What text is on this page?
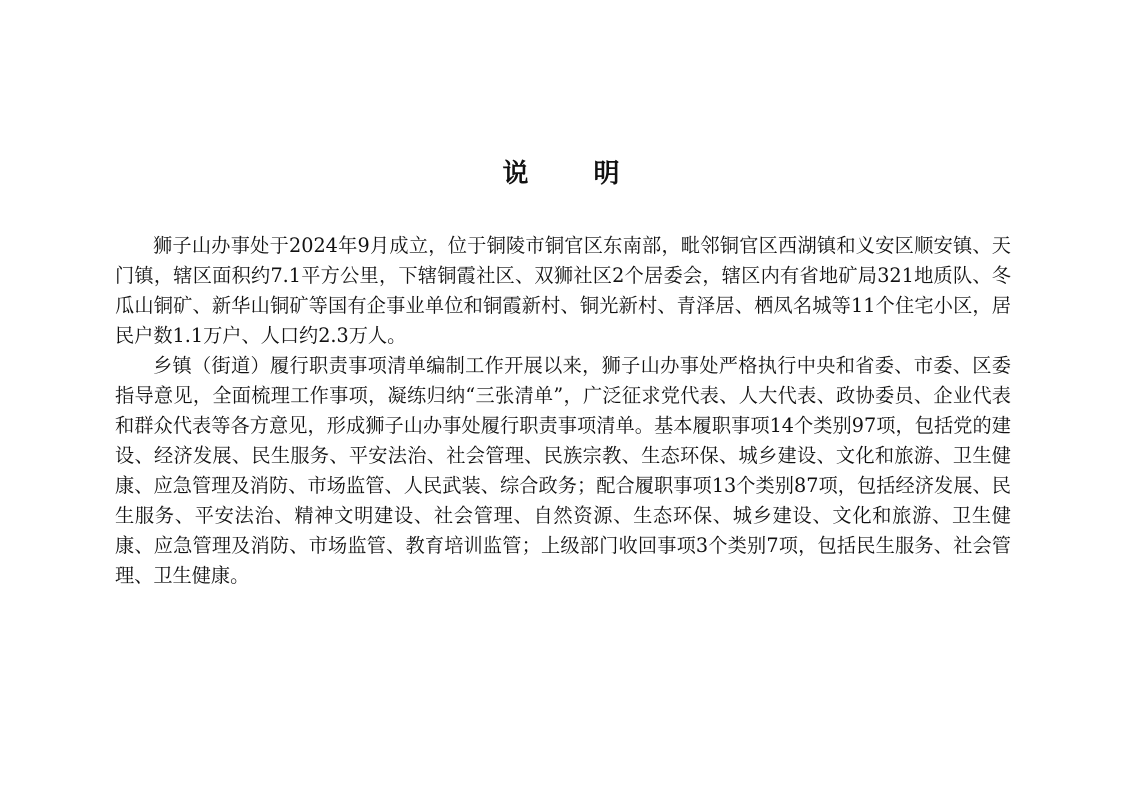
说 明

狮子山办事处于2024年9月成立，位于铜陵市铜官区东南部，毗邻铜官区西湖镇和义安区顺安镇、天门镇，辖区面积约7.1平方公里，下辖铜霞社区、双狮社区2个居委会，辖区内有省地矿局321地质队、冬瓜山铜矿、新华山铜矿等国有企事业单位和铜霞新村、铜光新村、青泽居、栖凤名城等11个住宅小区，居民户数1.1万户、人口约2.3万人。

乡镇（街道）履行职责事项清单编制工作开展以来，狮子山办事处严格执行中央和省委、市委、区委指导意见，全面梳理工作事项，凝练归纳“三张清单”，广泛征求党代表、人大代表、政协委员、企业代表和群众代表等各方意见，形成狮子山办事处履行职责事项清单。基本履职事项14个类别97项，包括党的建设、经济发展、民生服务、平安法治、社会管理、民族宗教、生态环保、城乡建设、文化和旅游、卫生健康、应急管理及消防、市场监管、人民武装、综合政务；配合履职事项13个类别87项，包括经济发展、民生服务、平安法治、精神文明建设、社会管理、自然资源、生态环保、城乡建设、文化和旅游、卫生健康、应急管理及消防、市场监管、教育培训监管；上级部门收回事项3个类别7项，包括民生服务、社会管理、卫生健康。
